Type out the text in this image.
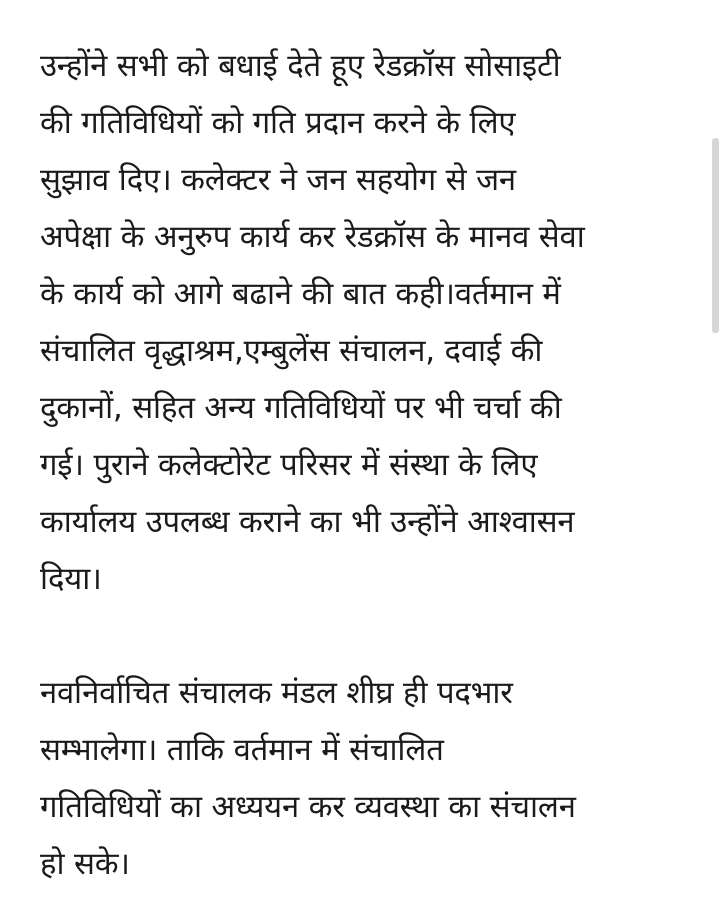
उन्होंने सभी को बधाई देते हूए रेडक्रॉस सोसाइटी
की गतिविधियों को गति प्रदान करने के लिए
सुझाव दिए। कलेक्टर ने जन सहयोग से जन
अपेक्षा के अनुरुप कार्य कर रेडक्रॉस के मानव सेवा
के कार्य को आगे बढाने की बात कही।वर्तमान में
संचालित वृद्धाश्रम,एम्बुलेंस संचालन, दवाई की
दुकानों, सहित अन्य गतिविधियों पर भी चर्चा की
गई। पुराने कलेक्टोरेट परिसर में संस्था के लिए
कार्यालय उपलब्ध कराने का भी उन्होंने आश्वासन
दिया।
नवनिर्वाचित संचालक मंडल शीघ्र ही पदभार
सम्भालेगा। ताकि वर्तमान में संचालित
गतिविधियों का अध्ययन कर व्यवस्था का संचालन
हो सके।
